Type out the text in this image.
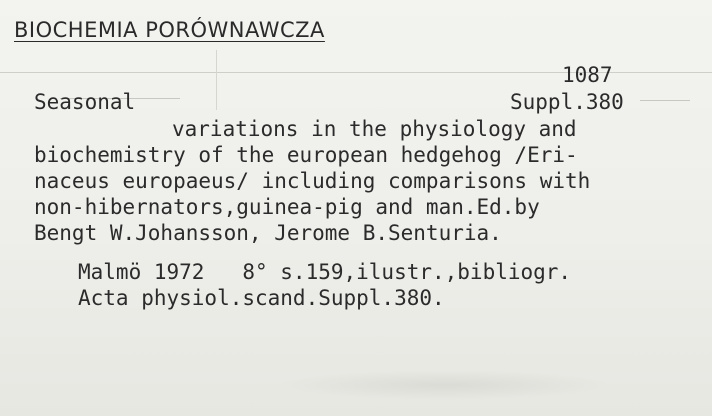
BIOCHEMIA PORÓWNAWCZA
1087
Seasonal	Suppl.380
variations in the physiology and
biochemistry of the european hedgehog /Eri-
naceus europaeus/ including comparisons with
non-hibernators,guinea-pig and man.Ed.by
Bengt W.Johansson, Jerome B.Senturia.
Malmö 1972   8° s.159,ilustr.,bibliogr.
Acta physiol.scand.Suppl.380.
